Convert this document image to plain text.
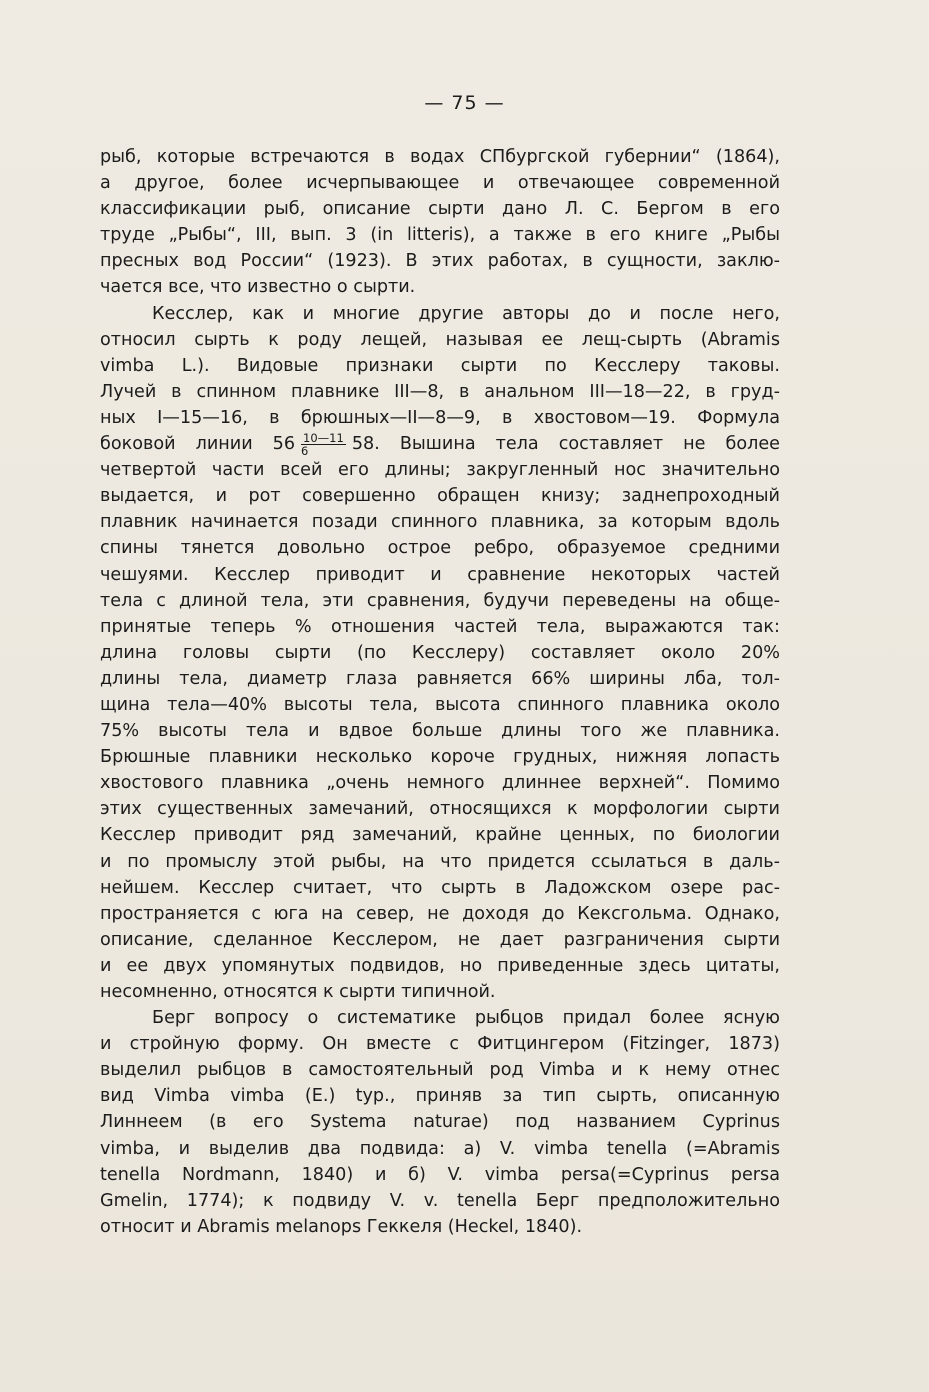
— 75 —
рыб, которые встречаются в водах СПбургской губернии“ (1864),
а другое, более исчерпывающее и отвечающее современной
классификации рыб, описание сырти дано Л. С. Бергом в его
труде „Рыбы“, III, вып. 3 (in litteris), а также в его книге „Рыбы
пресных вод России“ (1923). В этих работах, в сущности, заклю-
чается все, что известно о сырти.
Кесслер, как и многие другие авторы до и после него,
относил сырть к роду лещей, называя ее лещ-сырть (Abramis
vimba L.). Видовые признаки сырти по Кесслеру таковы.
Лучей в спинном плавнике III—8, в анальном III—18—22, в груд-
ных I—15—16, в брюшных—II—8—9, в хвостовом—19. Формула
боковой линии $56 \frac{10—11}{6} 58$. Вышина тела составляет не более
четвертой части всей его длины; закругленный нос значительно
выдается, и рот совершенно обращен книзу; заднепроходный
плавник начинается позади спинного плавника, за которым вдоль
спины тянется довольно острое ребро, образуемое средними
чешуями. Кесслер приводит и сравнение некоторых частей
тела с длиной тела, эти сравнения, будучи переведены на обще-
принятые теперь % отношения частей тела, выражаются так:
длина головы сырти (по Кесслеру) составляет около 20%
длины тела, диаметр глаза равняется 66% ширины лба, тол-
щина тела—40% высоты тела, высота спинного плавника около
75% высоты тела и вдвое больше длины того же плавника.
Брюшные плавники несколько короче грудных, нижняя лопасть
хвостового плавника „очень немного длиннее верхней“. Помимо
этих существенных замечаний, относящихся к морфологии сырти
Кесслер приводит ряд замечаний, крайне ценных, по биологии
и по промыслу этой рыбы, на что придется ссылаться в даль-
нейшем. Кесслер считает, что сырть в Ладожском озере рас-
пространяется с юга на север, не доходя до Кексгольма. Однако,
описание, сделанное Кесслером, не дает разграничения сырти
и ее двух упомянутых подвидов, но приведенные здесь цитаты,
несомненно, относятся к сырти типичной.
Берг вопросу о систематике рыбцов придал более ясную
и стройную форму. Он вместе с Фитцингером (Fitzinger, 1873)
выделил рыбцов в самостоятельный род Vimba и к нему отнес
вид Vimba vimba (E.) typ., приняв за тип сырть, описанную
Линнеем (в его Systema naturae) под названием Cyprinus
vimba, и выделив два подвида: a) V. vimba tenella (=Abramis
tenella Nordmann, 1840) и б) V. vimba persa(=Cyprinus persa
Gmelin, 1774); к подвиду V. v. tenella Берг предположительно
относит и Abramis melanops Геккеля (Heckel, 1840).
